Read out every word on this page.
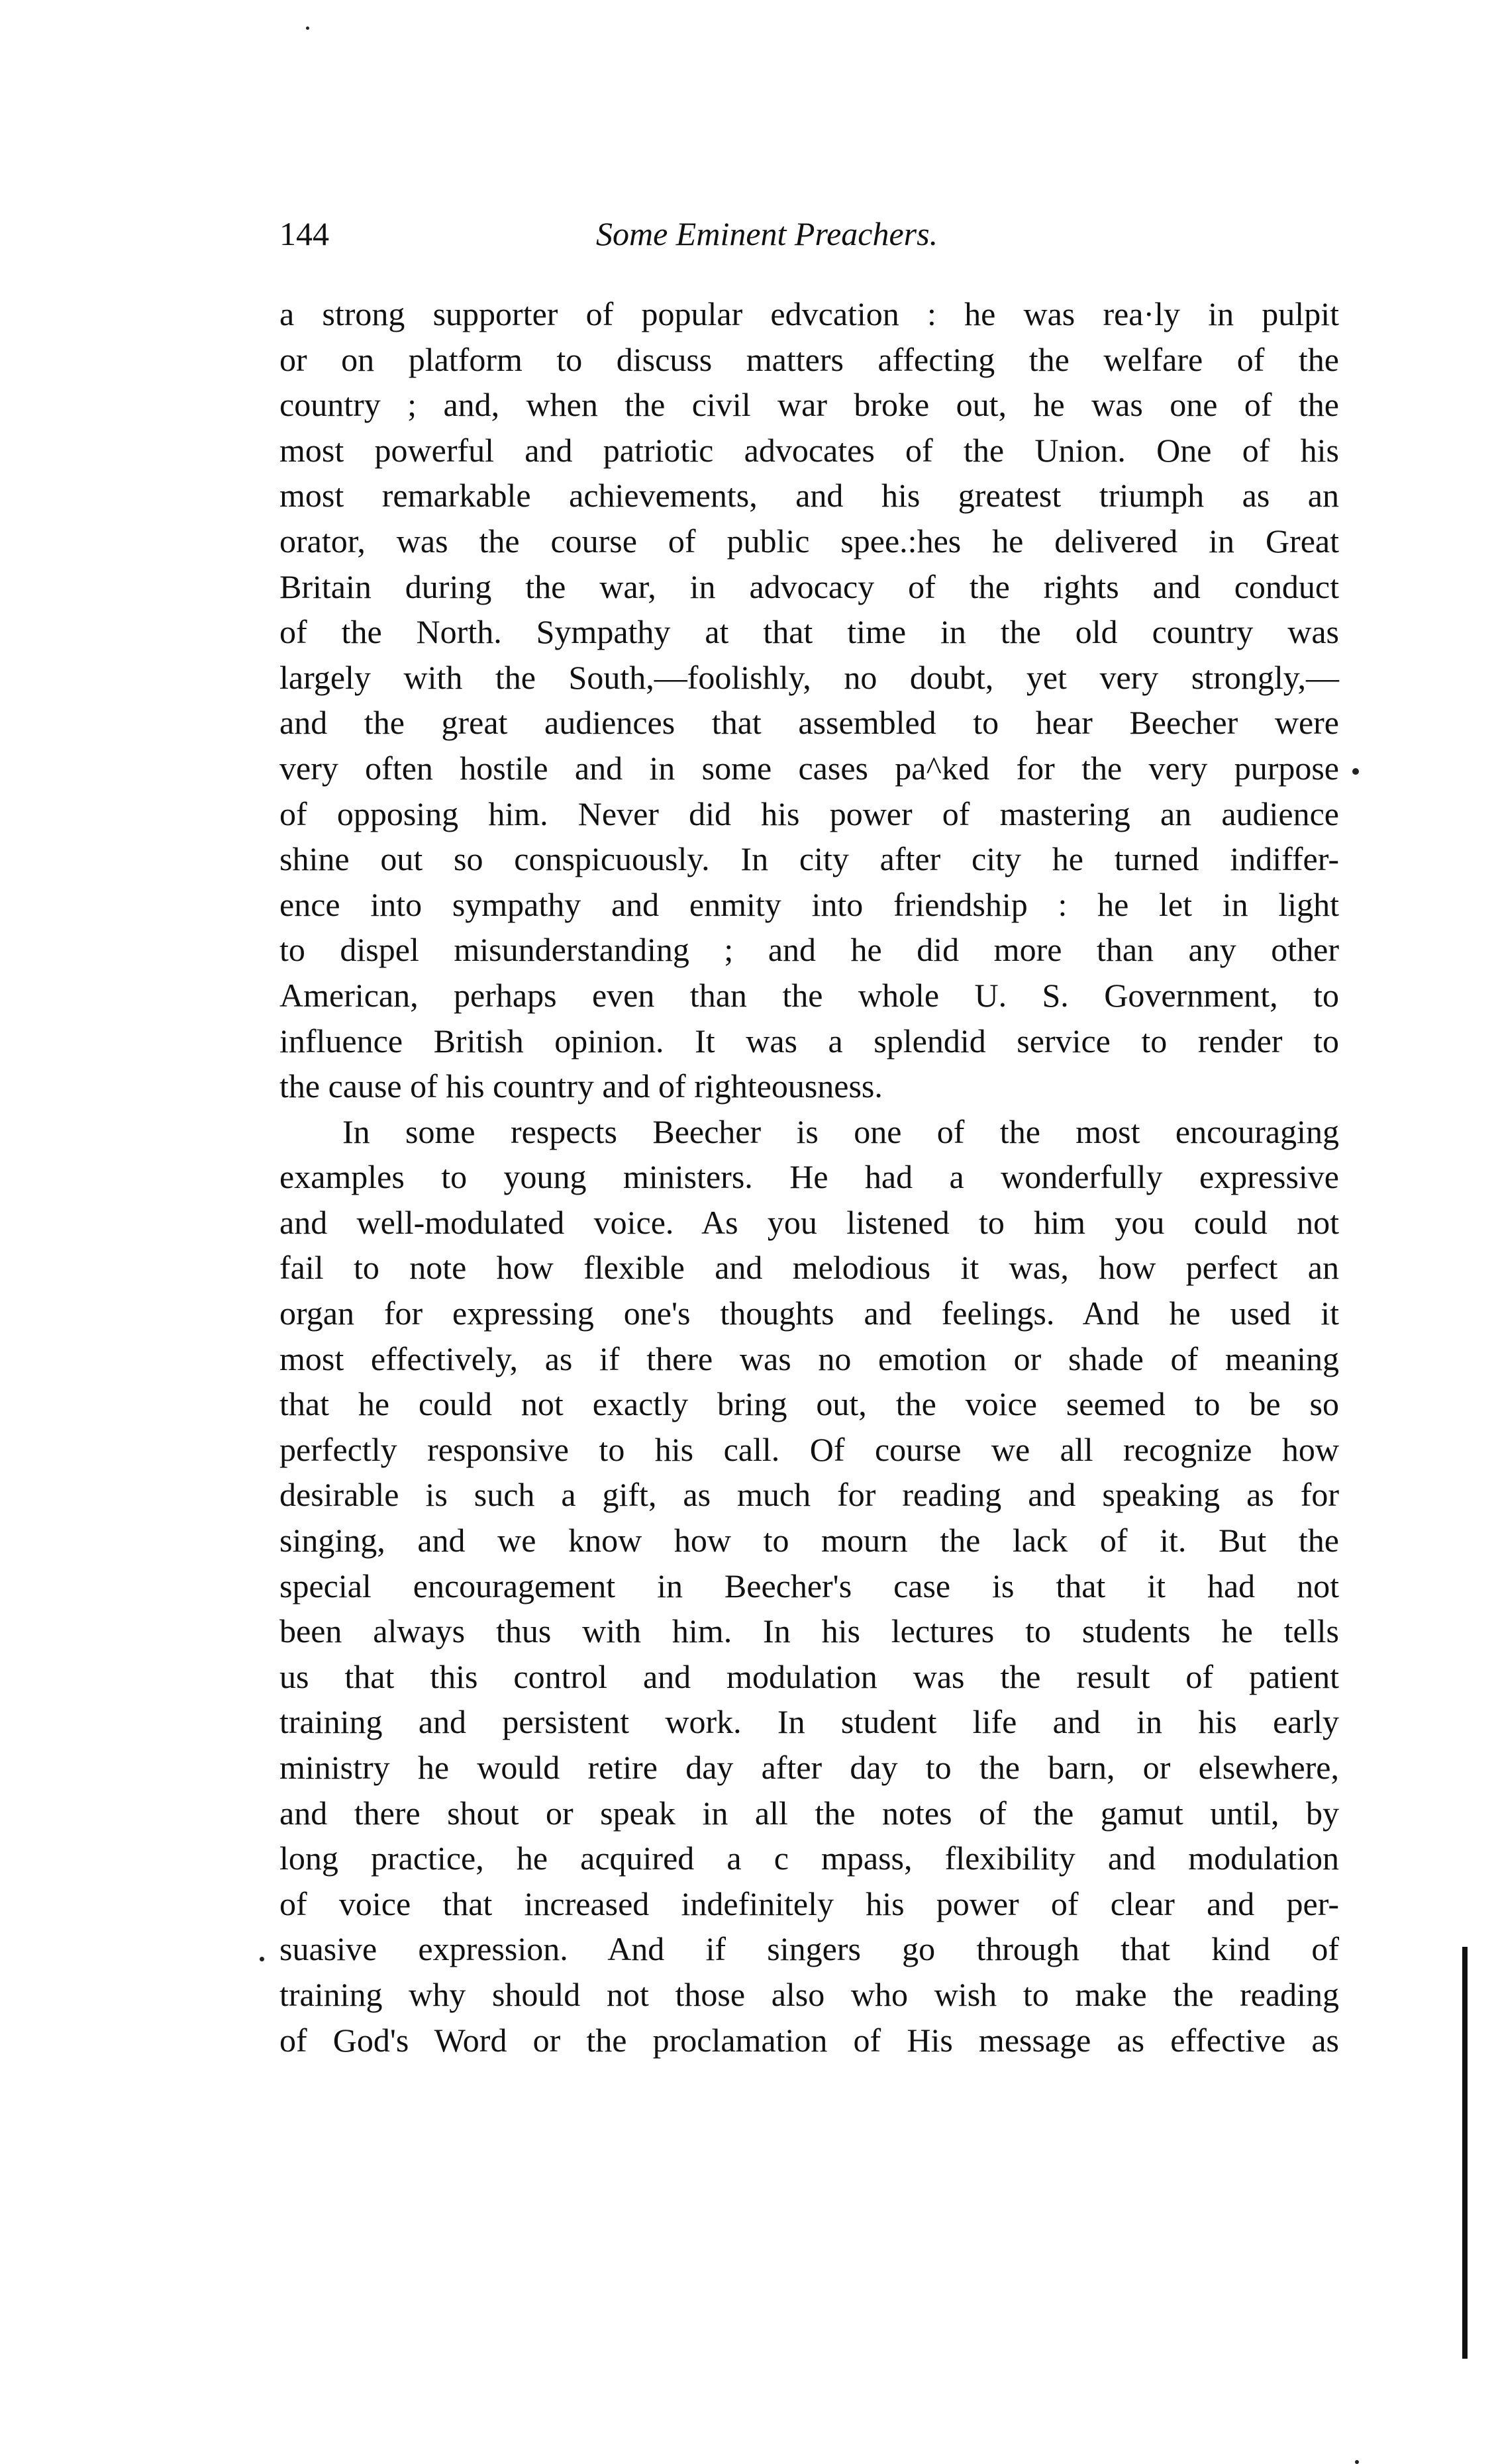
144	Some Eminent Preachers.
a strong supporter of popular edvcation : he was rea·ly in pulpit
or on platform to discuss matters affecting the welfare of the
country ; and, when the civil war broke out, he was one of the
most powerful and patriotic advocates of the Union. One of his
most remarkable achievements, and his greatest triumph as an
orator, was the course of public spee.:hes he delivered in Great
Britain during the war, in advocacy of the rights and conduct
of the North. Sympathy at that time in the old country was
largely with the South,—foolishly, no doubt, yet very strongly,—
and the great audiences that assembled to hear Beecher were
very often hostile and in some cases pa^ked for the very purpose
of opposing him. Never did his power of mastering an audience
shine out so conspicuously. In city after city he turned indiffer-
ence into sympathy and enmity into friendship : he let in light
to dispel misunderstanding ; and he did more than any other
American, perhaps even than the whole U. S. Government, to
influence British opinion. It was a splendid service to render to
the cause of his country and of righteousness.
In some respects Beecher is one of the most encouraging
examples to young ministers. He had a wonderfully expressive
and well-modulated voice. As you listened to him you could not
fail to note how flexible and melodious it was, how perfect an
organ for expressing one's thoughts and feelings. And he used it
most effectively, as if there was no emotion or shade of meaning
that he could not exactly bring out, the voice seemed to be so
perfectly responsive to his call. Of course we all recognize how
desirable is such a gift, as much for reading and speaking as for
singing, and we know how to mourn the lack of it. But the
special encouragement in Beecher's case is that it had not
been always thus with him. In his lectures to students he tells
us that this control and modulation was the result of patient
training and persistent work. In student life and in his early
ministry he would retire day after day to the barn, or elsewhere,
and there shout or speak in all the notes of the gamut until, by
long practice, he acquired a c mpass, flexibility and modulation
of voice that increased indefinitely his power of clear and per-
suasive expression. And if singers go through that kind of
training why should not those also who wish to make the reading
of God's Word or the proclamation of His message as effective as
